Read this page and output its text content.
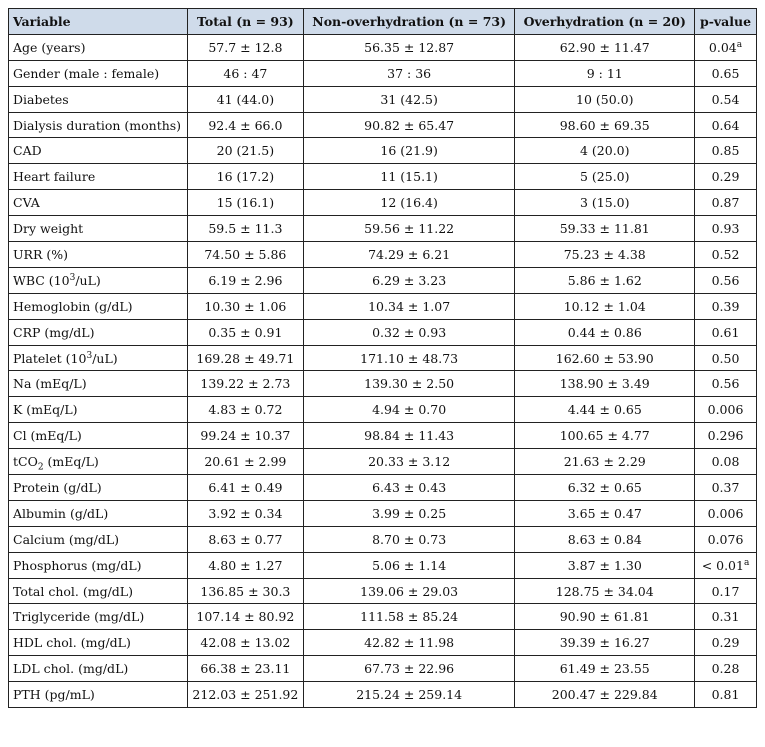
Variable	Total (n = 93)	Non-overhydration (n = 73)	Overhydration (n = 20)	p-value
Age (years)	57.7 ± 12.8	56.35 ± 12.87	62.90 ± 11.47	0.04$^a$
Gender (male : female)	46 : 47	37 : 36	9 : 11	0.65
Diabetes	41 (44.0)	31 (42.5)	10 (50.0)	0.54
Dialysis duration (months)	92.4 ± 66.0	90.82 ± 65.47	98.60 ± 69.35	0.64
CAD	20 (21.5)	16 (21.9)	4 (20.0)	0.85
Heart failure	16 (17.2)	11 (15.1)	5 (25.0)	0.29
CVA	15 (16.1)	12 (16.4)	3 (15.0)	0.87
Dry weight	59.5 ± 11.3	59.56 ± 11.22	59.33 ± 11.81	0.93
URR (%)	74.50 ± 5.86	74.29 ± 6.21	75.23 ± 4.38	0.52
WBC $(10^3/uL)$	6.19 ± 2.96	6.29 ± 3.23	5.86 ± 1.62	0.56
Hemoglobin (g/dL)	10.30 ± 1.06	10.34 ± 1.07	10.12 ± 1.04	0.39
CRP (mg/dL)	0.35 ± 0.91	0.32 ± 0.93	0.44 ± 0.86	0.61
Platelet $(10^3/uL)$	169.28 ± 49.71	171.10 ± 48.73	162.60 ± 53.90	0.50
Na (mEq/L)	139.22 ± 2.73	139.30 ± 2.50	138.90 ± 3.49	0.56
K (mEq/L)	4.83 ± 0.72	4.94 ± 0.70	4.44 ± 0.65	0.006
Cl (mEq/L)	99.24 ± 10.37	98.84 ± 11.43	100.65 ± 4.77	0.296
tCO$_2$ (mEq/L)	20.61 ± 2.99	20.33 ± 3.12	21.63 ± 2.29	0.08
Protein (g/dL)	6.41 ± 0.49	6.43 ± 0.43	6.32 ± 0.65	0.37
Albumin (g/dL)	3.92 ± 0.34	3.99 ± 0.25	3.65 ± 0.47	0.006
Calcium (mg/dL)	8.63 ± 0.77	8.70 ± 0.73	8.63 ± 0.84	0.076
Phosphorus (mg/dL)	4.80 ± 1.27	5.06 ± 1.14	3.87 ± 1.30	< 0.01$^a$
Total chol. (mg/dL)	136.85 ± 30.3	139.06 ± 29.03	128.75 ± 34.04	0.17
Triglyceride (mg/dL)	107.14 ± 80.92	111.58 ± 85.24	90.90 ± 61.81	0.31
HDL chol. (mg/dL)	42.08 ± 13.02	42.82 ± 11.98	39.39 ± 16.27	0.29
LDL chol. (mg/dL)	66.38 ± 23.11	67.73 ± 22.96	61.49 ± 23.55	0.28
PTH (pg/mL)	212.03 ± 251.92	215.24 ± 259.14	200.47 ± 229.84	0.81
